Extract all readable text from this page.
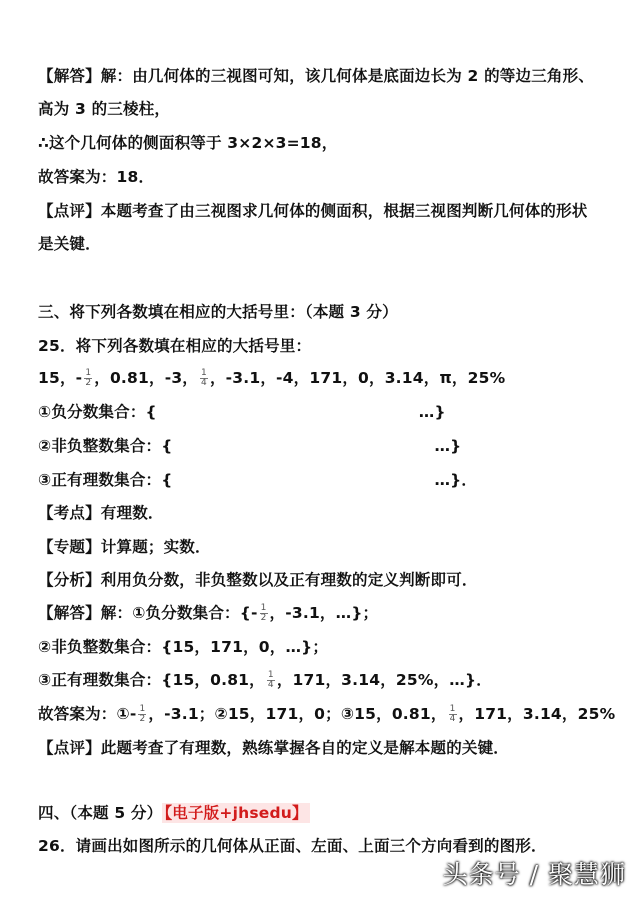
【解答】解：由几何体的三视图可知，该几何体是底面边长为 2 的等边三角形、
高为 3 的三棱柱，
∴这个几何体的侧面积等于 3×2×3=18，
故答案为：18．
【点评】本题考查了由三视图求几何体的侧面积，根据三视图判断几何体的形状
是关键．
三、将下列各数填在相应的大括号里：（本题 3 分）
25．将下列各数填在相应的大括号里：
15，- $\frac{1}{2}$ ，0.81，-3， $\frac{1}{4}$ ，-3.1，-4，171，0，3.14，π，25%
①负分数集合：{	…}
②非负整数集合：{	…}
③正有理数集合：{	…}．
【考点】有理数．
【专题】计算题；实数．
【分析】利用负分数，非负整数以及正有理数的定义判断即可．
【解答】解：①负分数集合：{- $\frac{1}{2}$ ，-3.1，…}；
②非负整数集合：{15，171，0，…}；
③正有理数集合：{15，0.81， $\frac{1}{4}$ ，171，3.14，25%，…}．
故答案为：①- $\frac{1}{2}$ ，-3.1；②15，171，0；③15，0.81， $\frac{1}{4}$ ，171，3.14，25%
【点评】此题考查了有理数，熟练掌握各自的定义是解本题的关键．
四、（本题 5 分） 【电子版+jhsedu】
26．请画出如图所示的几何体从正面、左面、上面三个方向看到的图形．
头条号 / 聚慧狮
